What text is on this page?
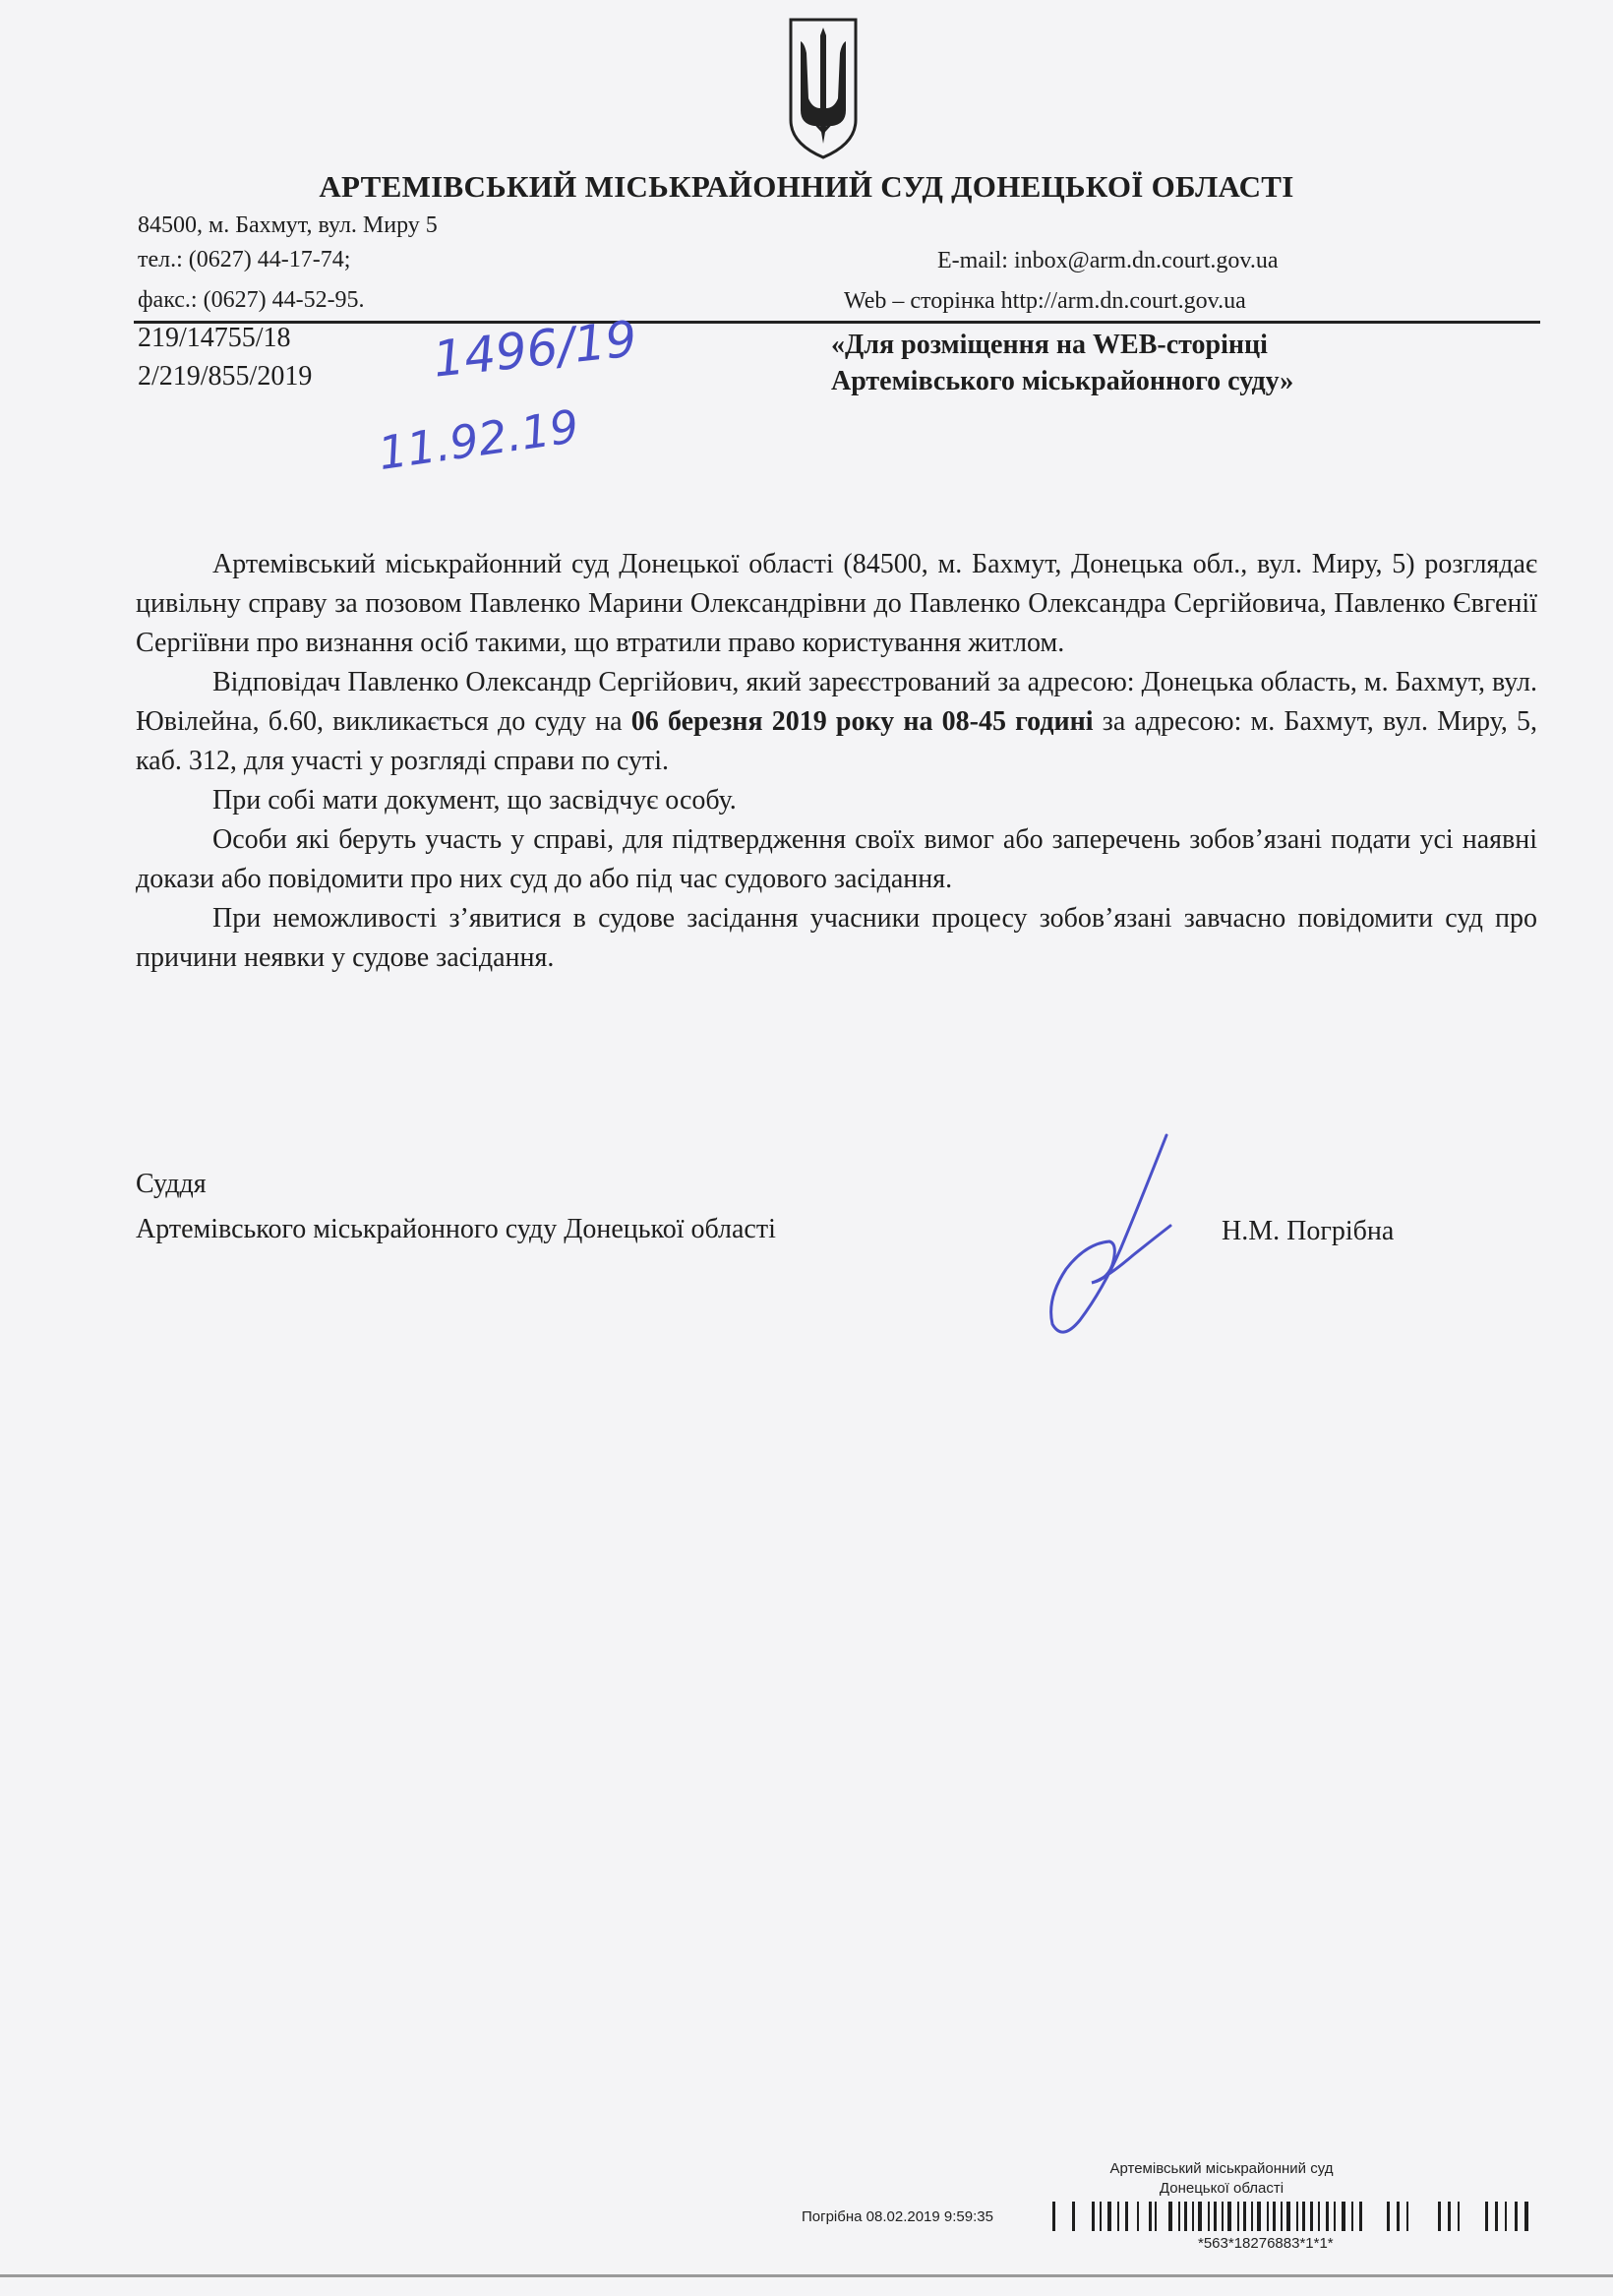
АРТЕМІВСЬКИЙ МІСЬКРАЙОННИЙ СУД ДОНЕЦЬКОЇ ОБЛАСТІ
84500, м. Бахмут, вул. Миру 5
тел.: (0627) 44-17-74;
факс.: (0627) 44-52-95.
E-mail: inbox@arm.dn.court.gov.ua
Web – сторінка http://arm.dn.court.gov.ua
219/14755/18
2/219/855/2019 1496/19
11.92.19
«Для розміщення на WEB-сторінці
Артемівського міськрайонного суду»

Артемівський міськрайонний суд Донецької області (84500, м. Бахмут, Донецька обл., вул. Миру, 5) розглядає цивільну справу за позовом Павленко Марини Олександрівни до Павленко Олександра Сергійовича, Павленко Євгенії Сергіївни про визнання осіб такими, що втратили право користування житлом.

Відповідач Павленко Олександр Сергійович, який зареєстрований за адресою: Донецька область, м. Бахмут, вул. Ювілейна, б.60, викликається до суду на 06 березня 2019 року на 08-45 годині за адресою: м. Бахмут, вул. Миру, 5, каб. 312, для участі у розгляді справи по суті.

При собі мати документ, що засвідчує особу.

Особи які беруть участь у справі, для підтвердження своїх вимог або заперечень зобов’язані подати усі наявні докази або повідомити про них суд до або під час судового засідання.

При неможливості з’явитися в судове засідання учасники процесу зобов’язані завчасно повідомити суд про причини неявки у судове засідання.

Суддя
Артемівського міськрайонного суду Донецької області	Н.М. Погрібна
Артемівський міськрайонний суд
Донецької області
Погрібна 08.02.2019 9:59:35
*563*18276883*1*1*
